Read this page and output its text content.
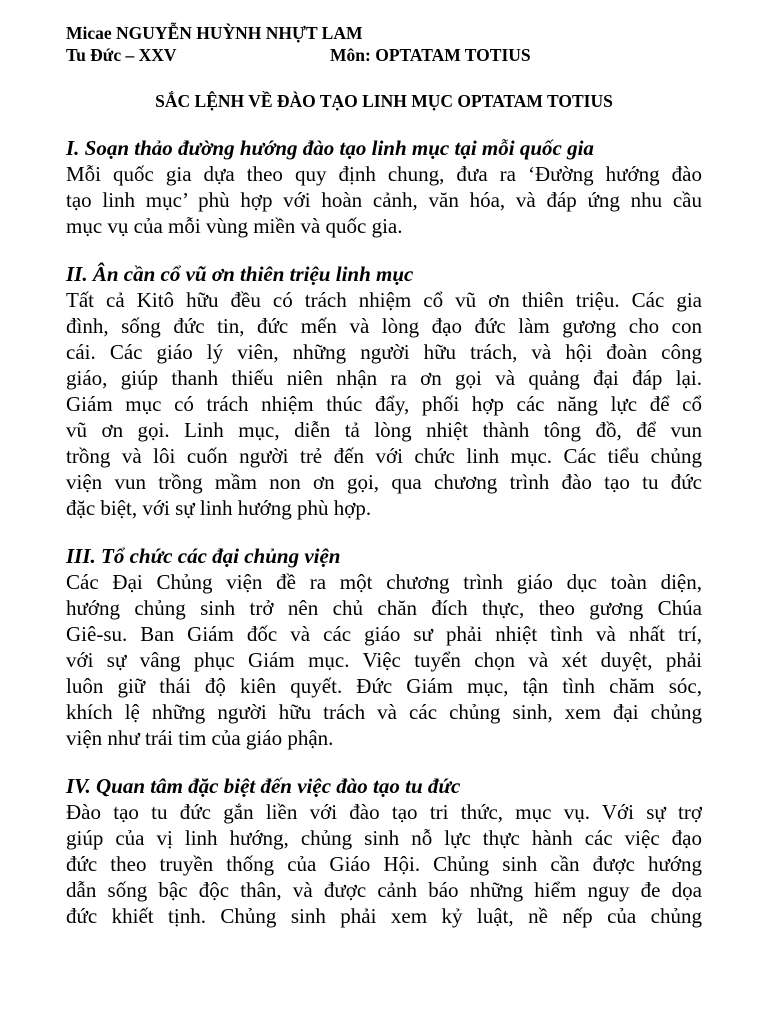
Micae NGUYỄN HUỲNH NHỰT LAM
Tu Đức – XXV	Môn: OPTATAM TOTIUS
SẮC LỆNH VỀ ĐÀO TẠO LINH MỤC OPTATAM TOTIUS
I. Soạn thảo đường hướng đào tạo linh mục tại mỗi quốc gia
Mỗi quốc gia dựa theo quy định chung, đưa ra ‘Đường hướng đào
tạo linh mục’ phù hợp với hoàn cảnh, văn hóa, và đáp ứng nhu cầu
mục vụ của mỗi vùng miền và quốc gia.
II. Ân cần cổ vũ ơn thiên triệu linh mục
Tất cả Kitô hữu đều có trách nhiệm cổ vũ ơn thiên triệu. Các gia
đình, sống đức tin, đức mến và lòng đạo đức làm gương cho con
cái. Các giáo lý viên, những người hữu trách, và hội đoàn công
giáo, giúp thanh thiếu niên nhận ra ơn gọi và quảng đại đáp lại.
Giám mục có trách nhiệm thúc đẩy, phối hợp các năng lực để cổ
vũ ơn gọi. Linh mục, diễn tả lòng nhiệt thành tông đồ, để vun
trồng và lôi cuốn người trẻ đến với chức linh mục. Các tiểu chủng
viện vun trồng mầm non ơn gọi, qua chương trình đào tạo tu đức
đặc biệt, với sự linh hướng phù hợp.
III. Tổ chức các đại chủng viện
Các Đại Chủng viện đề ra một chương trình giáo dục toàn diện,
hướng chủng sinh trở nên chủ chăn đích thực, theo gương Chúa
Giê-su. Ban Giám đốc và các giáo sư phải nhiệt tình và nhất trí,
với sự vâng phục Giám mục. Việc tuyển chọn và xét duyệt, phải
luôn giữ thái độ kiên quyết. Đức Giám mục, tận tình chăm sóc,
khích lệ những người hữu trách và các chủng sinh, xem đại chủng
viện như trái tim của giáo phận.
IV. Quan tâm đặc biệt đến việc đào tạo tu đức
Đào tạo tu đức gắn liền với đào tạo tri thức, mục vụ. Với sự trợ
giúp của vị linh hướng, chủng sinh nỗ lực thực hành các việc đạo
đức theo truyền thống của Giáo Hội. Chủng sinh cần được hướng
dẫn sống bậc độc thân, và được cảnh báo những hiểm nguy đe dọa
đức khiết tịnh. Chủng sinh phải xem kỷ luật, nề nếp của chủng
